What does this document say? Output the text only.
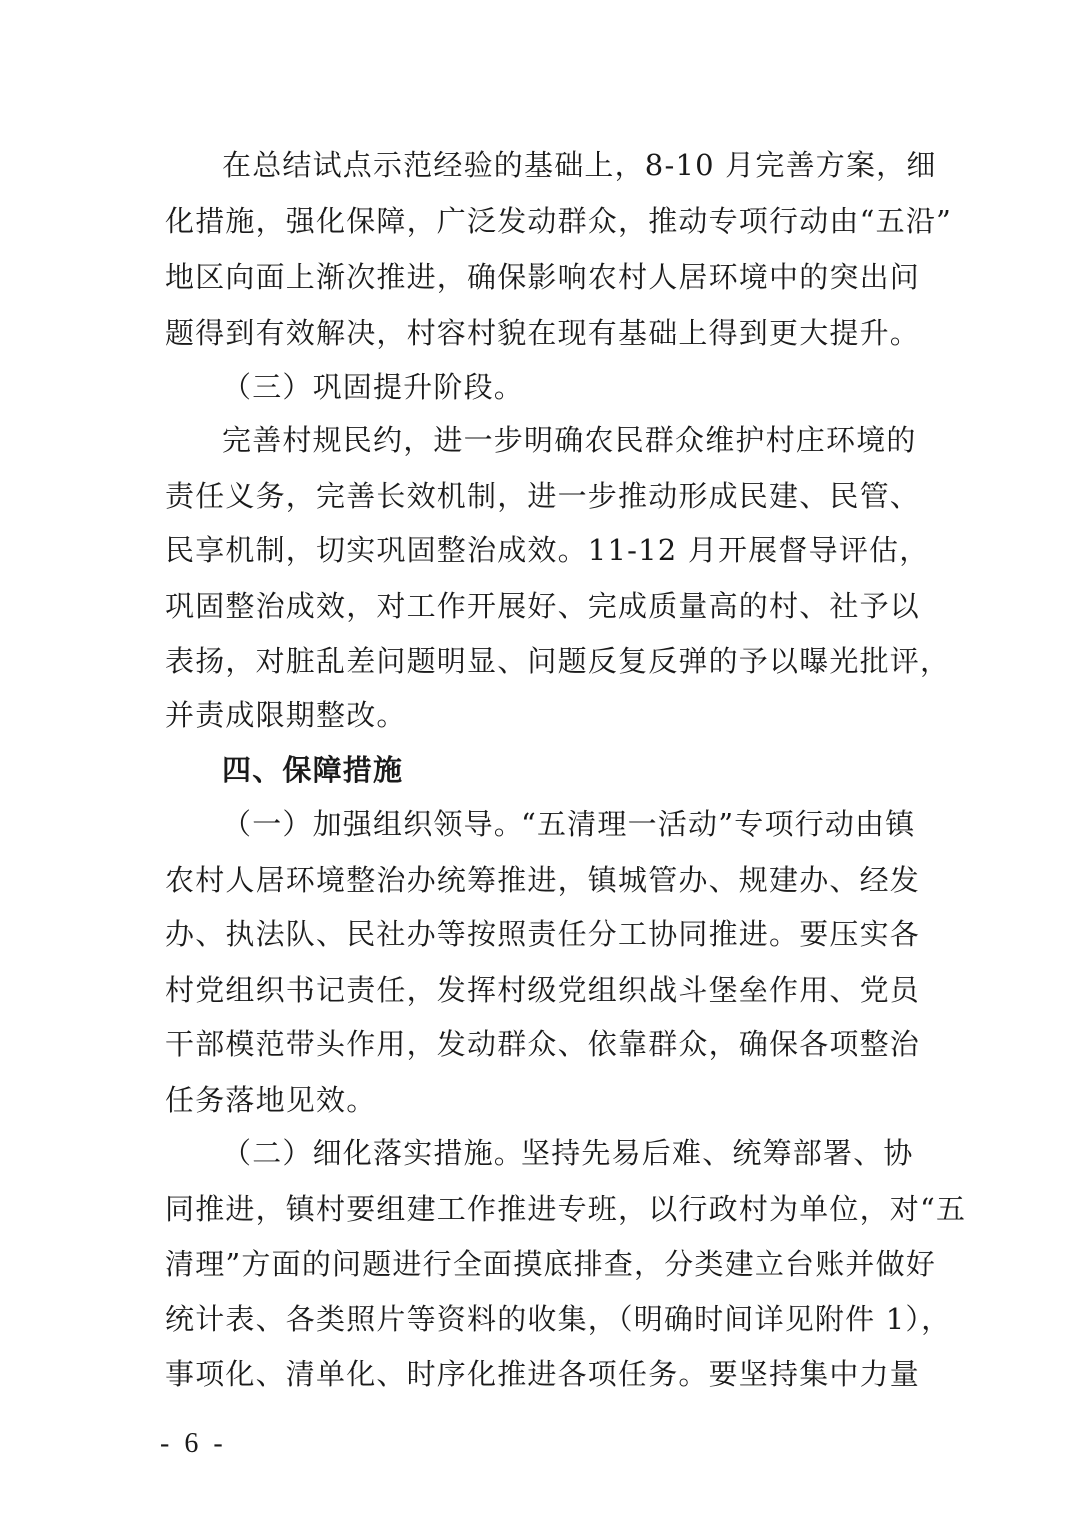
在总结试点示范经验的基础上，8-10 月完善方案，细
化措施，强化保障，广泛发动群众，推动专项行动由“五沿”
地区向面上渐次推进，确保影响农村人居环境中的突出问
题得到有效解决，村容村貌在现有基础上得到更大提升。
（三）巩固提升阶段。
完善村规民约，进一步明确农民群众维护村庄环境的
责任义务，完善长效机制，进一步推动形成民建、民管、
民享机制，切实巩固整治成效。11-12 月开展督导评估，
巩固整治成效，对工作开展好、完成质量高的村、社予以
表扬，对脏乱差问题明显、问题反复反弹的予以曝光批评，
并责成限期整改。
四、保障措施
（一）加强组织领导。
“五清理一活动”专项行动由镇
农村人居环境整治办统筹推进，镇城管办、规建办、经发
办、执法队、民社办等按照责任分工协同推进。要压实各
村党组织书记责任，发挥村级党组织战斗堡垒作用、党员
干部模范带头作用，发动群众、依靠群众，确保各项整治
任务落地见效。
（二）细化落实措施。
坚持先易后难、统筹部署、协
同推进，镇村要组建工作推进专班，以行政村为单位，对“五
清理”方面的问题进行全面摸底排查，分类建立台账并做好
统计表、各类照片等资料的收集，（明确时间详见附件 1），
事项化、清单化、时序化推进各项任务。要坚持集中力量
- 6 -
